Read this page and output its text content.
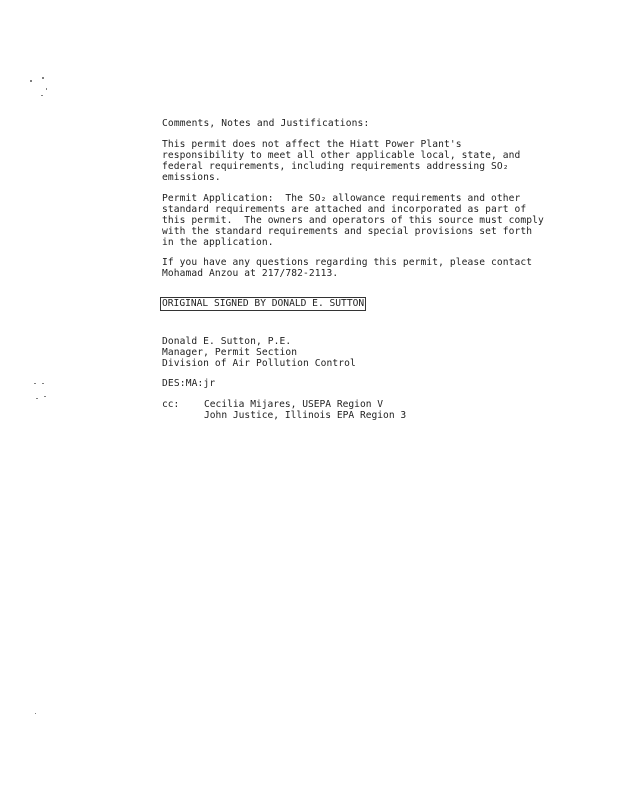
Comments, Notes and Justifications:
This permit does not affect the Hiatt Power Plant's
responsibility to meet all other applicable local, state, and
federal requirements, including requirements addressing SO₂
emissions.
Permit Application:  The SO₂ allowance requirements and other
standard requirements are attached and incorporated as part of
this permit.  The owners and operators of this source must comply
with the standard requirements and special provisions set forth
in the application.
If you have any questions regarding this permit, please contact
Mohamad Anzou at 217/782-2113.
ORIGINAL SIGNED BY DONALD E. SUTTON
Donald E. Sutton, P.E.
Manager, Permit Section
Division of Air Pollution Control
DES:MA:jr
cc:	Cecilia Mijares, USEPA Region V
John Justice, Illinois EPA Region 3
